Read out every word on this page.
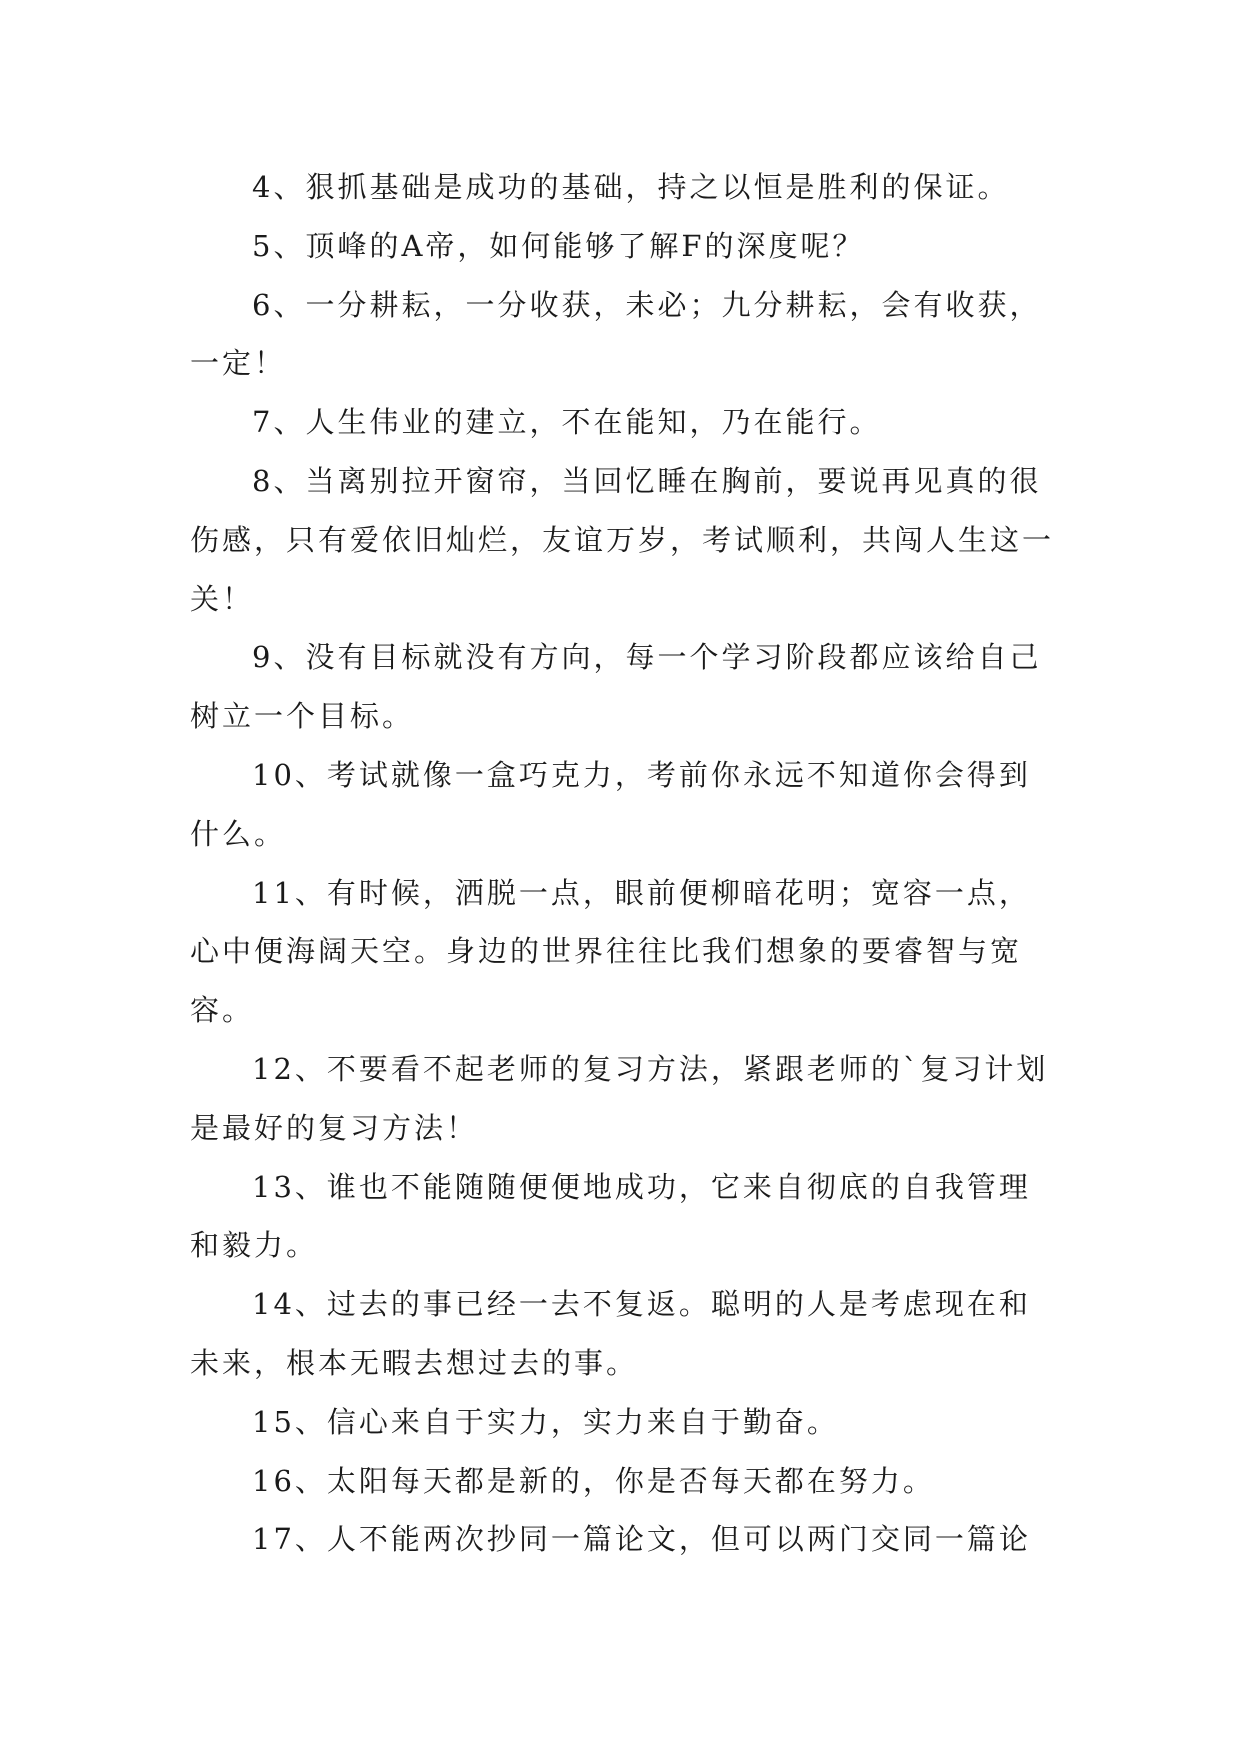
4、狠抓基础是成功的基础，持之以恒是胜利的保证。

5、顶峰的A帝，如何能够了解F的深度呢？

6、一分耕耘，一分收获，未必；九分耕耘，会有收获，一定！

7、人生伟业的建立，不在能知，乃在能行。

8、当离别拉开窗帘，当回忆睡在胸前，要说再见真的很伤感，只有爱依旧灿烂，友谊万岁，考试顺利，共闯人生这一关！

9、没有目标就没有方向，每一个学习阶段都应该给自己树立一个目标。

10、考试就像一盒巧克力，考前你永远不知道你会得到什么。

11、有时候，洒脱一点，眼前便柳暗花明；宽容一点，心中便海阔天空。身边的世界往往比我们想象的要睿智与宽容。

12、不要看不起老师的复习方法，紧跟老师的`复习计划是最好的复习方法！

13、谁也不能随随便便地成功，它来自彻底的自我管理和毅力。

14、过去的事已经一去不复返。聪明的人是考虑现在和未来，根本无暇去想过去的事。

15、信心来自于实力，实力来自于勤奋。

16、太阳每天都是新的，你是否每天都在努力。

17、人不能两次抄同一篇论文，但可以两门交同一篇论
